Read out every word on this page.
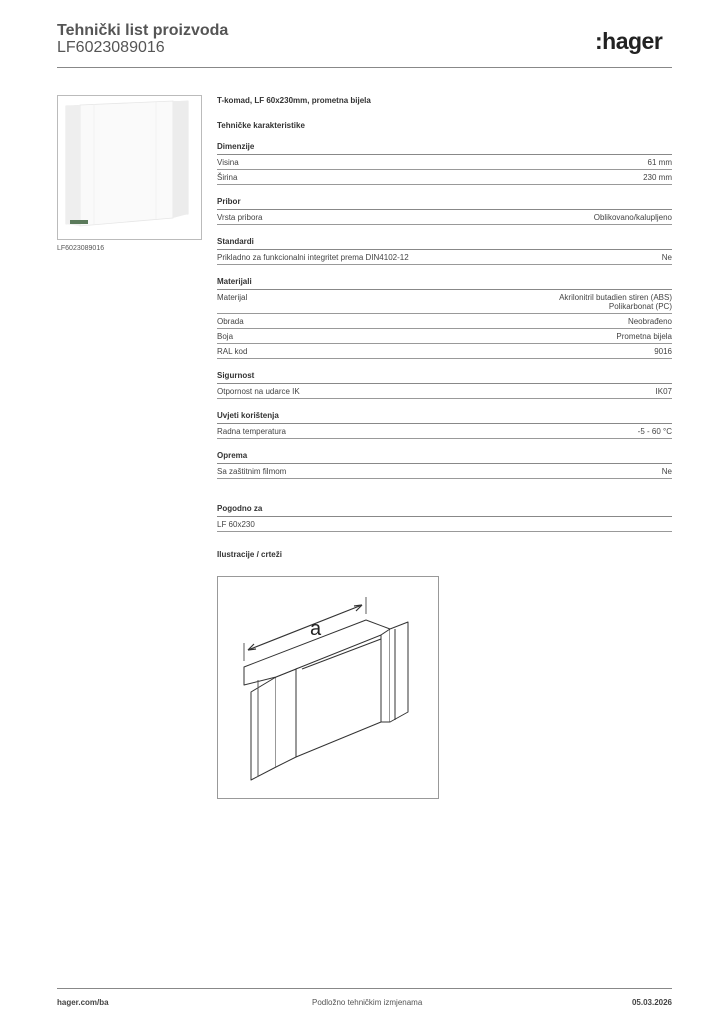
Tehnički list proizvoda
LF6023089016	:hager
LF6023089016
T-komad, LF 60x230mm, prometna bijela
Tehničke karakteristike
Dimenzije
Visina	61 mm
Širina	230 mm
Pribor
Vrsta pribora	Oblikovano/kalupljeno
Standardi
Prikladno za funkcionalni integritet prema DIN4102-12	Ne
Materijali
Materijal	Akrilonitril butadien stiren (ABS)
Polikarbonat (PC)
Obrada	Neobrađeno
Boja	Prometna bijela
RAL kod	9016
Sigurnost
Otpornost na udarce IK	IK07
Uvjeti korištenja
Radna temperatura	-5 - 60 °C
Oprema
Sa zaštitnim filmom	Ne
Pogodno za
LF 60x230
Ilustracije / crteži
a
hager.com/ba	Podložno tehničkim izmjenama	05.03.2026
